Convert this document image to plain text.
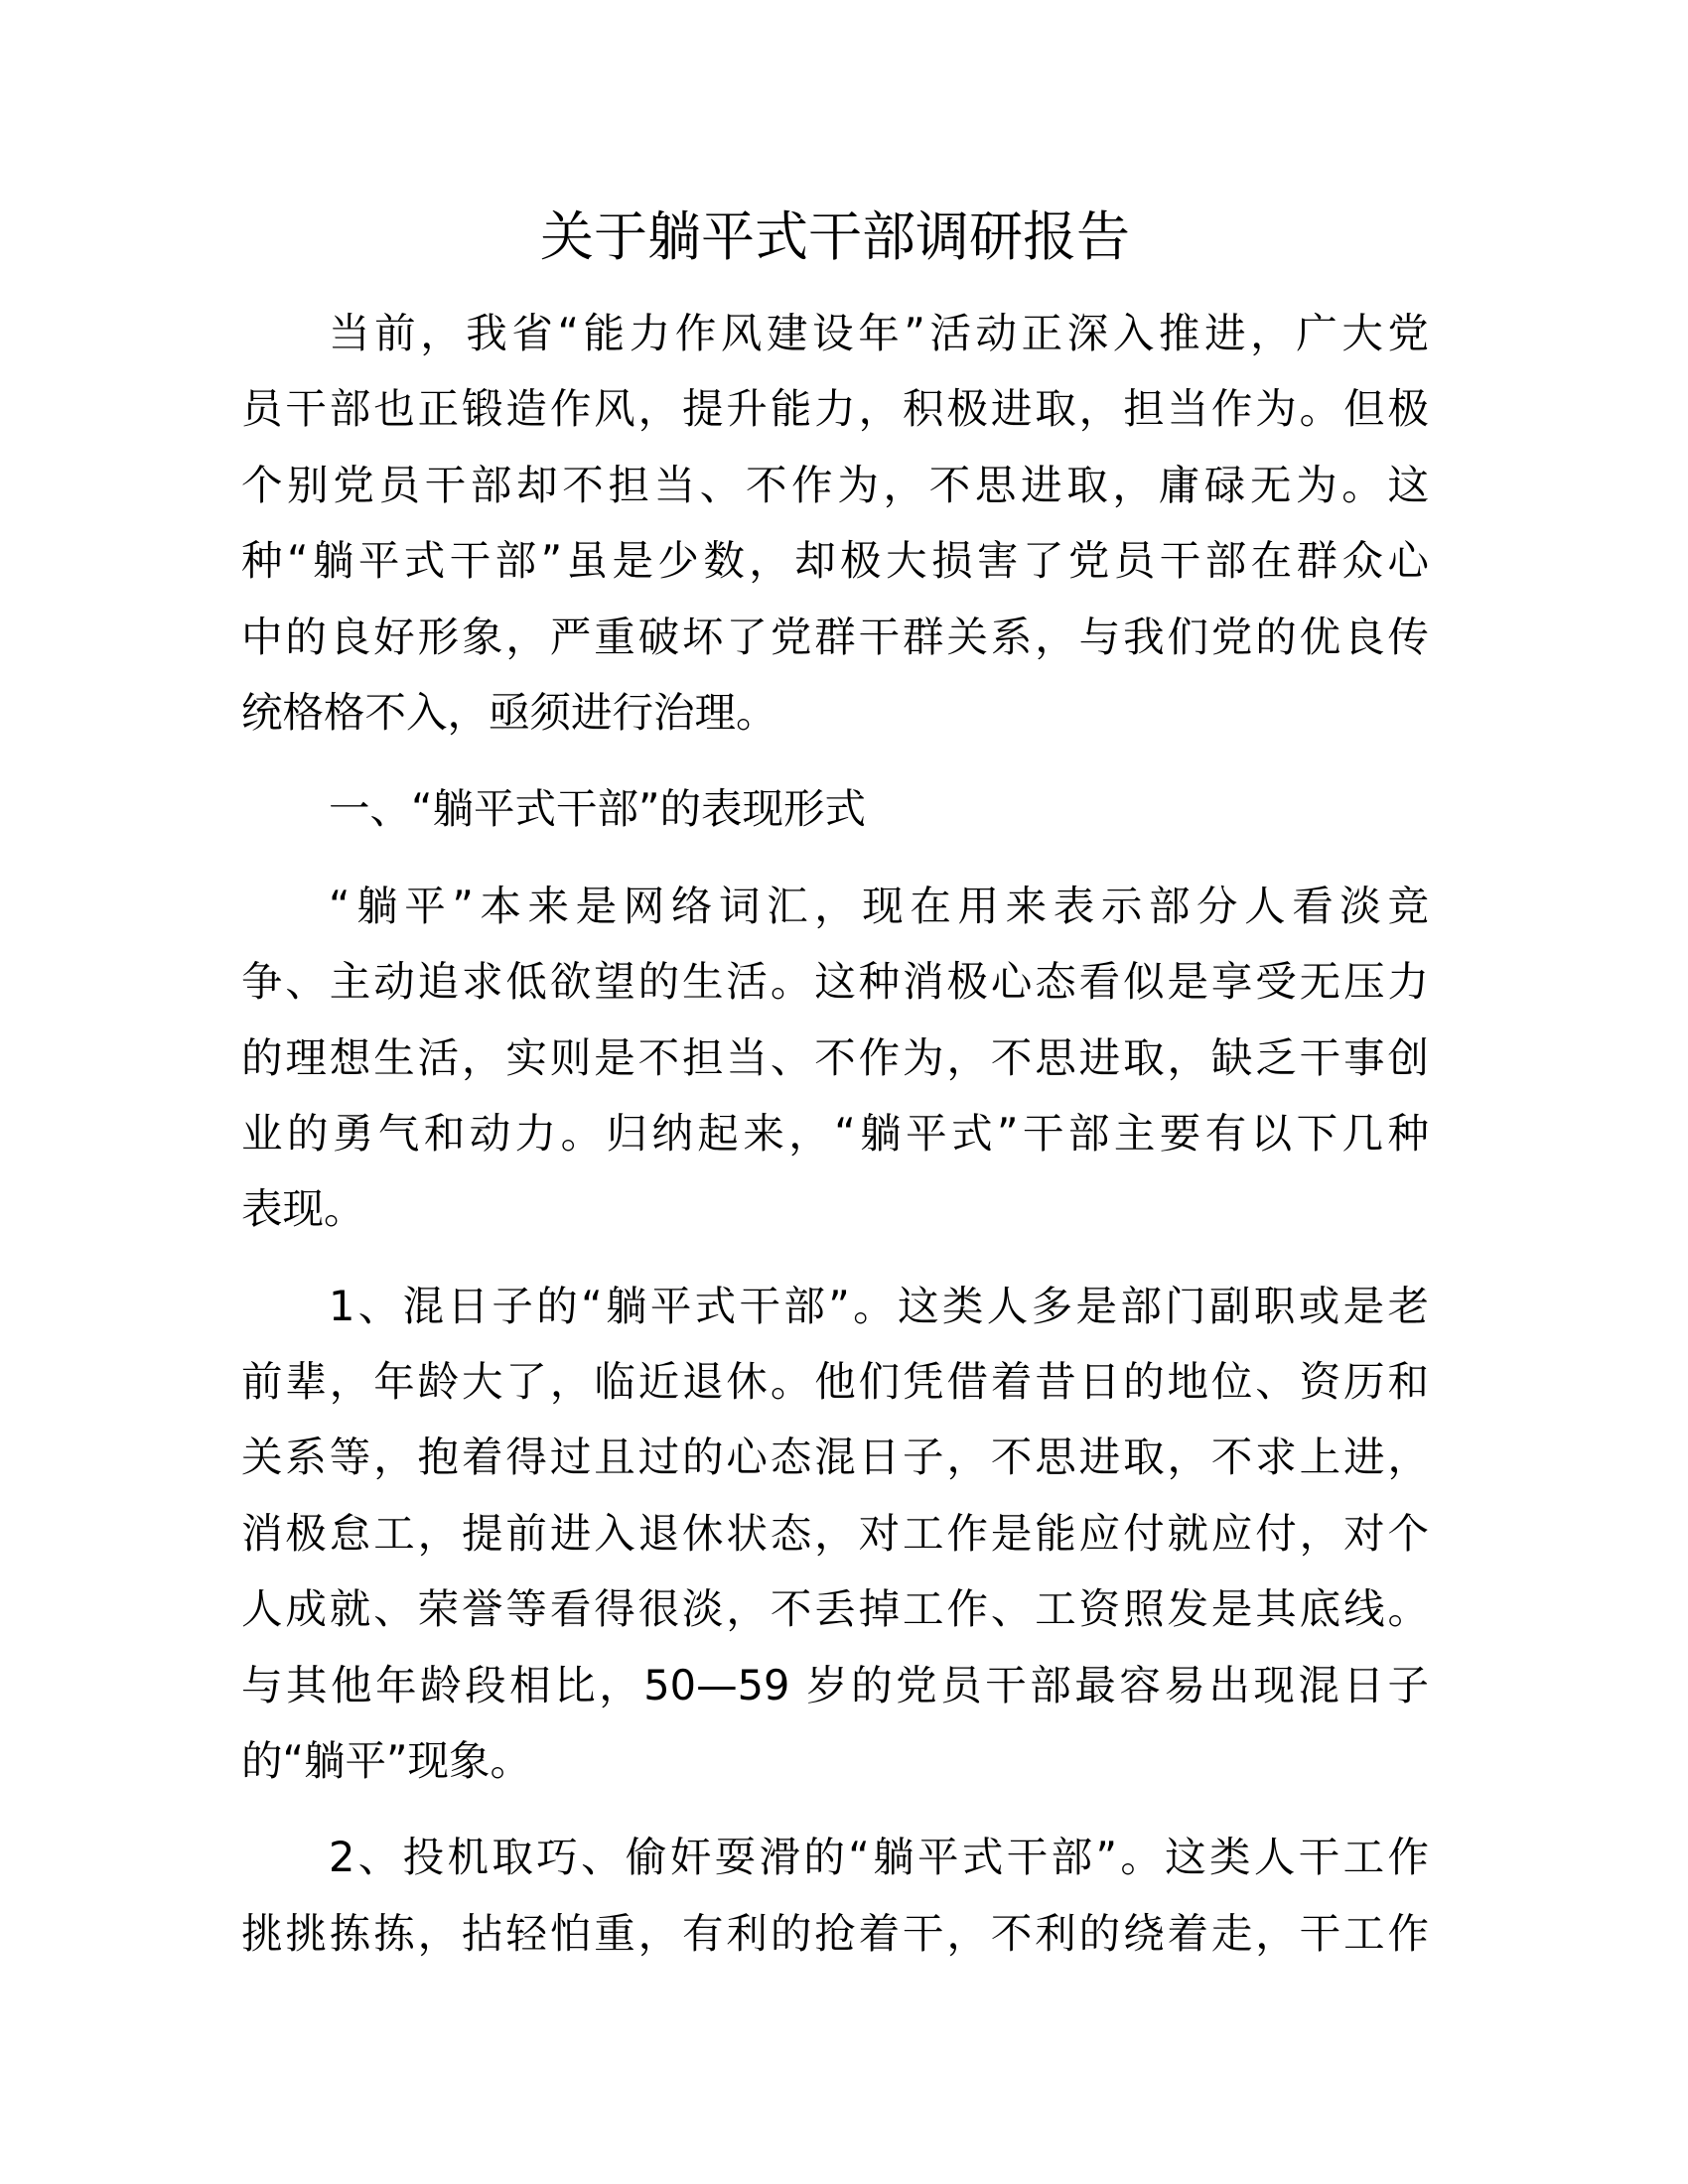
关于躺平式干部调研报告
当前，我省“能力作风建设年”活动正深入推进，广大党
员干部也正锻造作风，提升能力，积极进取，担当作为。但极
个别党员干部却不担当、不作为，不思进取，庸碌无为。这
种“躺平式干部”虽是少数，却极大损害了党员干部在群众心
中的良好形象，严重破坏了党群干群关系，与我们党的优良传
统格格不入，亟须进行治理。
一、“躺平式干部”的表现形式
“躺平”本来是网络词汇，现在用来表示部分人看淡竞
争、主动追求低欲望的生活。这种消极心态看似是享受无压力
的理想生活，实则是不担当、不作为，不思进取，缺乏干事创
业的勇气和动力。归纳起来，“躺平式”干部主要有以下几种
表现。
1、混日子的“躺平式干部”。这类人多是部门副职或是老
前辈，年龄大了，临近退休。他们凭借着昔日的地位、资历和
关系等，抱着得过且过的心态混日子，不思进取，不求上进，
消极怠工，提前进入退休状态，对工作是能应付就应付，对个
人成就、荣誉等看得很淡，不丢掉工作、工资照发是其底线。
与其他年龄段相比，50—59 岁的党员干部最容易出现混日子
的“躺平”现象。
2、投机取巧、偷奸耍滑的“躺平式干部”。这类人干工作
挑挑拣拣，拈轻怕重，有利的抢着干，不利的绕着走，干工作
